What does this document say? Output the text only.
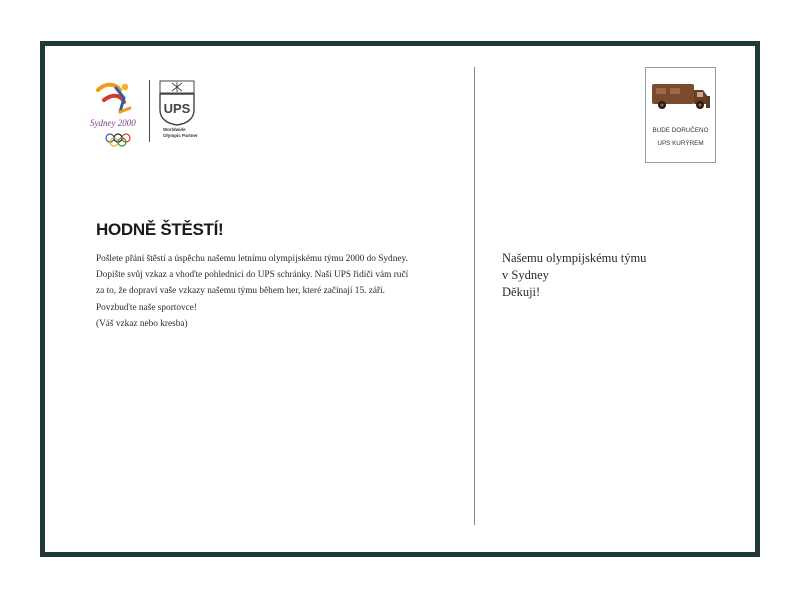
Sydney 2000
UPS
Worldwide
Olympic Partner
HODNĚ ŠTĚSTÍ!
Pošlete přání štěstí a úspěchu našemu letnímu olympijskému týmu 2000 do Sydney.
Dopište svůj vzkaz a vhoďte pohlednici do UPS schránky. Naši UPS řidiči vám ručí
za to, že dopraví vaše vzkazy našemu týmu během her, které začínají 15. září.
Povzbuďte naše sportovce!
(Váš vzkaz nebo kresba)
Našemu olympijskému týmu
v Sydney
Děkuji!
BUDE DORUČENO
UPS KURÝREM
